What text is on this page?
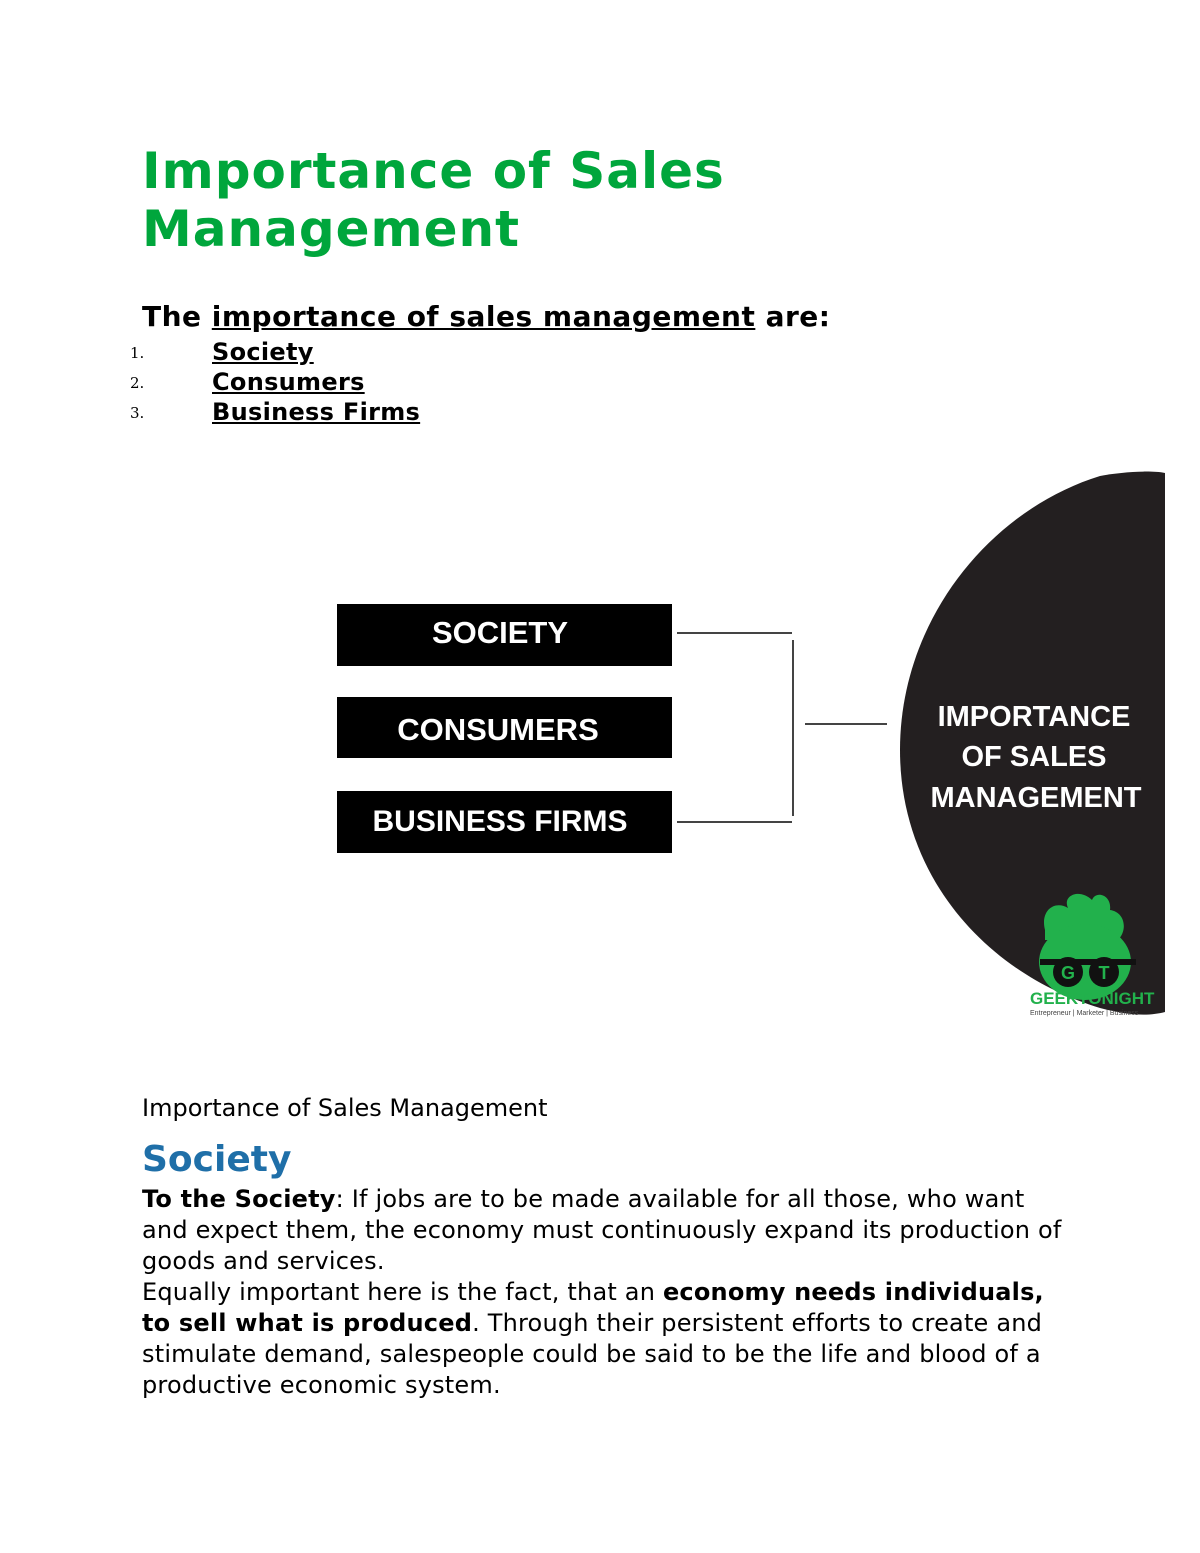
Importance of Sales Management

The importance of sales management are:

1.	Society
2.	Consumers
3.	Business Firms
SOCIETY
CONSUMERS
BUSINESS FIRMS
IMPORTANCE
OF SALES
MANAGEMENT
G T
GEEKTONIGHT
Entrepreneur | Marketer | Business

Importance of Sales Management

Society

To the Society: If jobs are to be made available for all those, who want and expect them, the economy must continuously expand its production of goods and services.

Equally important here is the fact, that an economy needs individuals, to sell what is produced. Through their persistent efforts to create and stimulate demand, salespeople could be said to be the life and blood of a productive economic system.
